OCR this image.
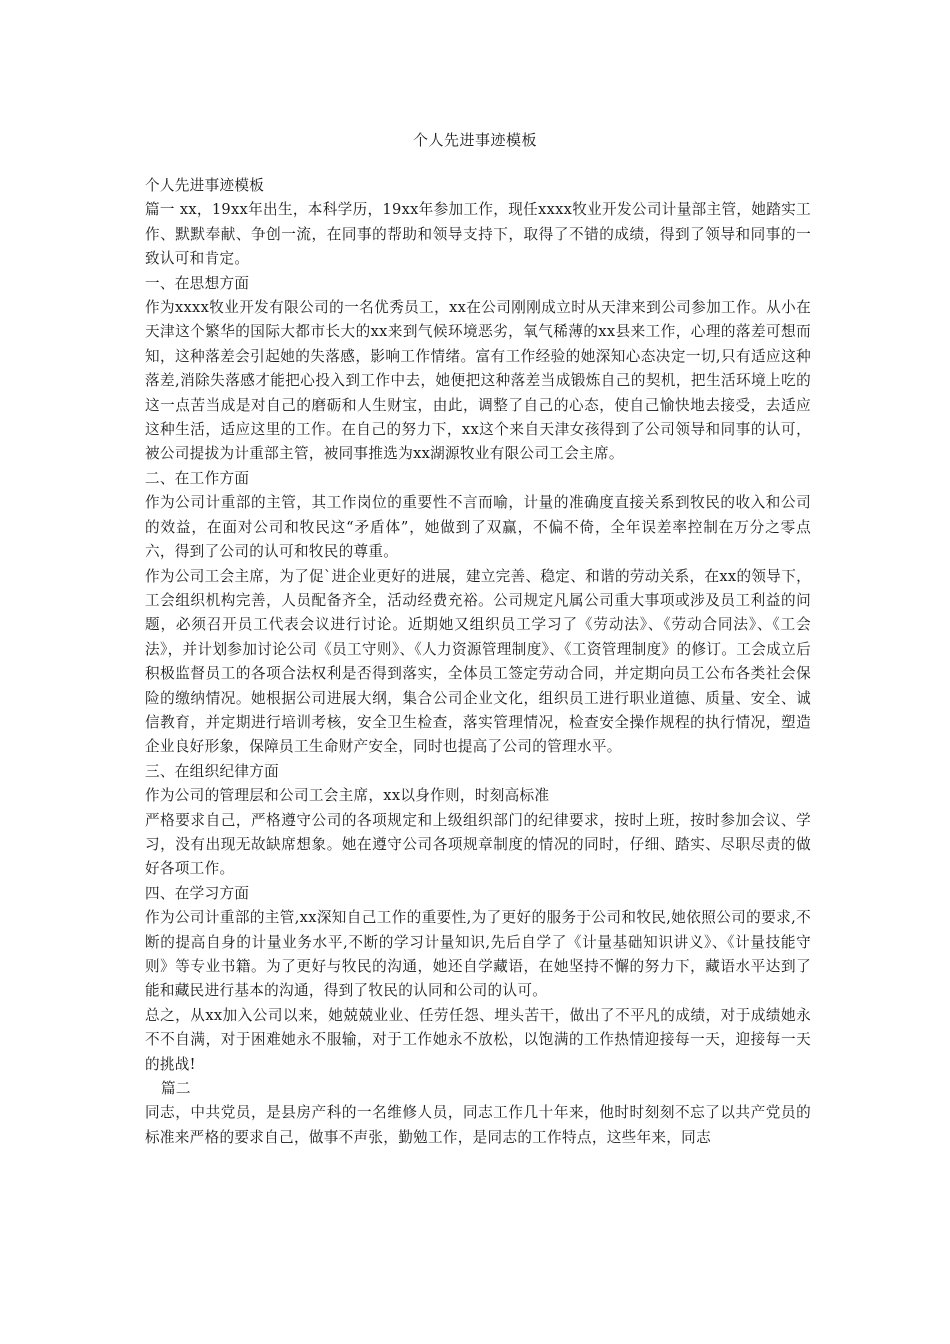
个人先进事迹模板

个人先进事迹模板

篇一 xx，19xx年出生，本科学历，19xx年参加工作，现任xxxx牧业开发公司计量部主管，她踏实工作、默默奉献、争创一流，在同事的帮助和领导支持下，取得了不错的成绩，得到了领导和同事的一致认可和肯定。

一、在思想方面

作为xxxx牧业开发有限公司的一名优秀员工，xx在公司刚刚成立时从天津来到公司参加工作。从小在天津这个繁华的国际大都市长大的xx来到气候环境恶劣，氧气稀薄的xx县来工作，心理的落差可想而知，这种落差会引起她的失落感，影响工作情绪。富有工作经验的她深知心态决定一切,只有适应这种落差,消除失落感才能把心投入到工作中去，她便把这种落差当成锻炼自己的契机，把生活环境上吃的这一点苦当成是对自己的磨砺和人生财宝，由此，调整了自己的心态，使自己愉快地去接受，去适应这种生活，适应这里的工作。在自己的努力下，xx这个来自天津女孩得到了公司领导和同事的认可，被公司提拔为计重部主管，被同事推选为xx湖源牧业有限公司工会主席。

二、在工作方面

作为公司计重部的主管，其工作岗位的重要性不言而喻，计量的准确度直接关系到牧民的收入和公司的效益，在面对公司和牧民这“矛盾体”，她做到了双赢，不偏不倚，全年误差率控制在万分之零点六，得到了公司的认可和牧民的尊重。

作为公司工会主席，为了促`进企业更好的进展，建立完善、稳定、和谐的劳动关系，在xx的领导下，工会组织机构完善，人员配备齐全，活动经费充裕。公司规定凡属公司重大事项或涉及员工利益的问题，必须召开员工代表会议进行讨论。近期她又组织员工学习了《劳动法》、《劳动合同法》、《工会法》，并计划参加讨论公司《员工守则》、《人力资源管理制度》、《工资管理制度》的修订。工会成立后积极监督员工的各项合法权利是否得到落实，全体员工签定劳动合同，并定期向员工公布各类社会保险的缴纳情况。她根据公司进展大纲，集合公司企业文化，组织员工进行职业道德、质量、安全、诚信教育，并定期进行培训考核，安全卫生检查，落实管理情况，检查安全操作规程的执行情况，塑造企业良好形象，保障员工生命财产安全，同时也提高了公司的管理水平。

三、在组织纪律方面

作为公司的管理层和公司工会主席，xx以身作则，时刻高标准

严格要求自己，严格遵守公司的各项规定和上级组织部门的纪律要求，按时上班，按时参加会议、学习，没有出现无故缺席想象。她在遵守公司各项规章制度的情况的同时，仔细、踏实、尽职尽责的做好各项工作。

四、在学习方面

作为公司计重部的主管,xx深知自己工作的重要性,为了更好的服务于公司和牧民,她依照公司的要求,不断的提高自身的计量业务水平,不断的学习计量知识,先后自学了《计量基础知识讲义》、《计量技能守则》等专业书籍。为了更好与牧民的沟通，她还自学藏语，在她坚持不懈的努力下，藏语水平达到了能和藏民进行基本的沟通，得到了牧民的认同和公司的认可。

总之，从xx加入公司以来，她兢兢业业、任劳任怨、埋头苦干，做出了不平凡的成绩，对于成绩她永不不自满，对于困难她永不服输，对于工作她永不放松，以饱满的工作热情迎接每一天，迎接每一天的挑战!

篇二

同志，中共党员，是县房产科的一名维修人员，同志工作几十年来，他时时刻刻不忘了以共产党员的标准来严格的要求自己，做事不声张，勤勉工作，是同志的工作特点，这些年来，同志
